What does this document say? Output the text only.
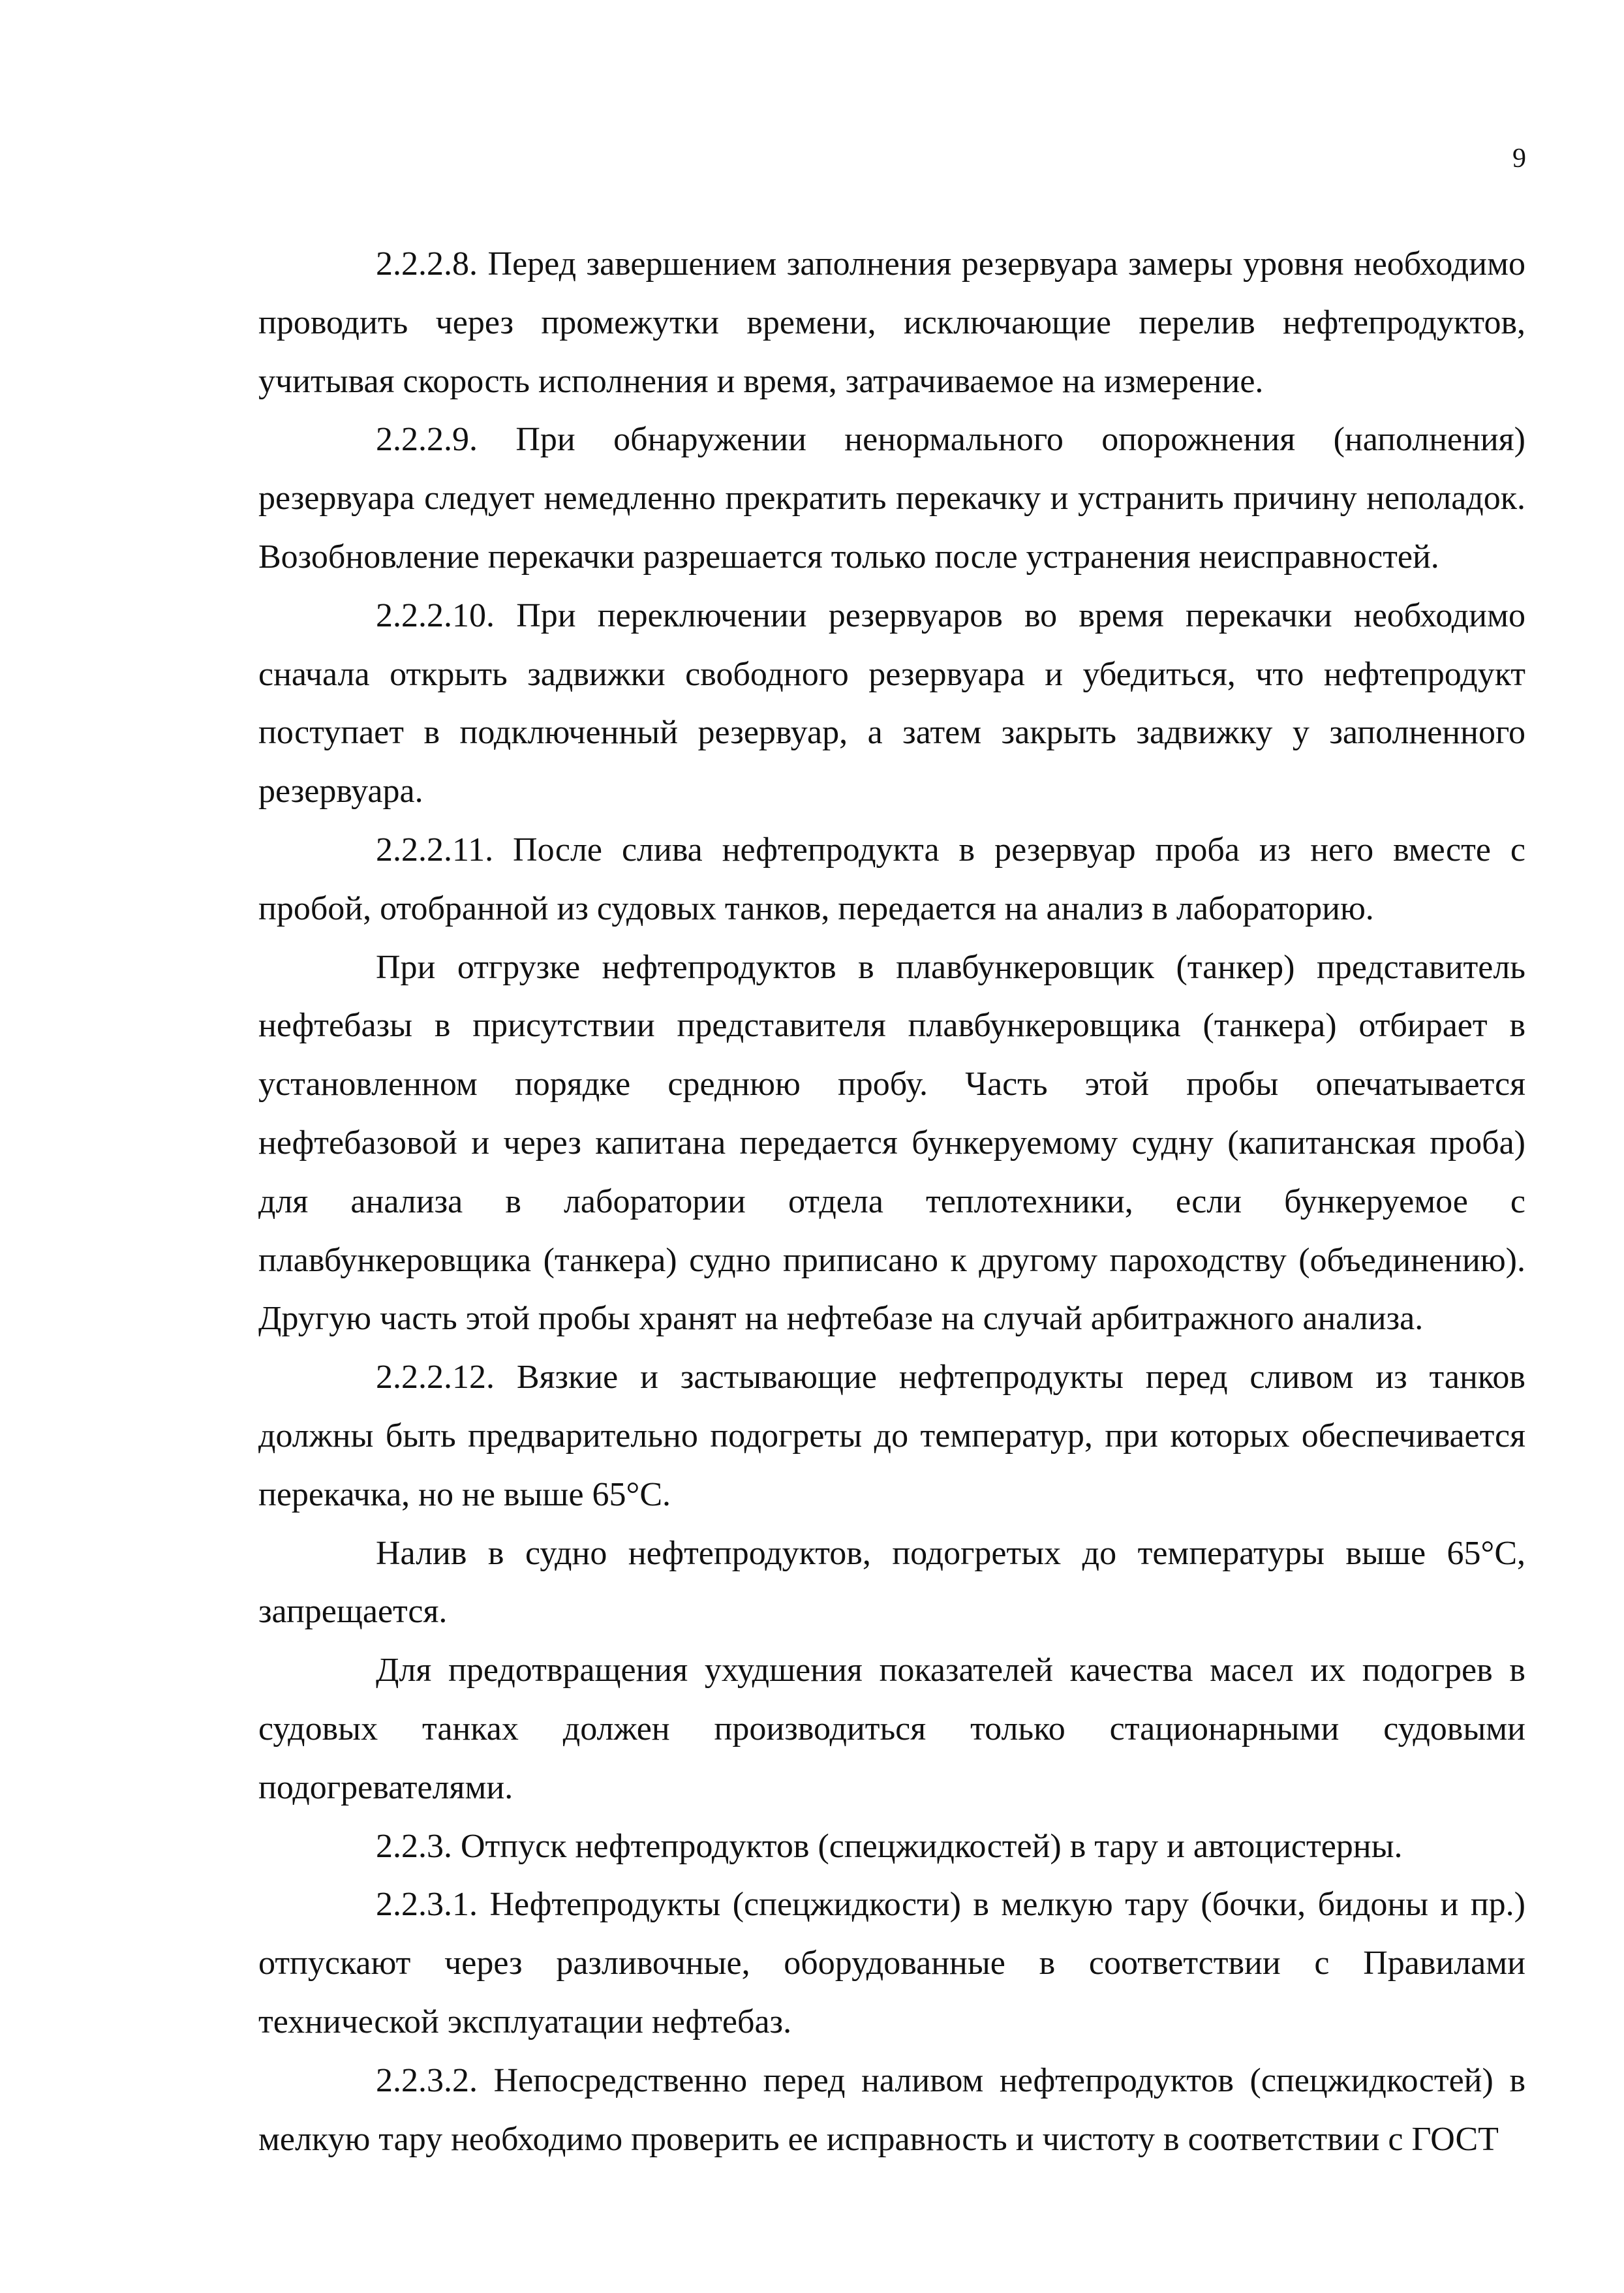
9

2.2.2.8. Перед завершением заполнения резервуара замеры уровня необходимо проводить через промежутки времени, исключающие перелив нефтепродуктов, учитывая скорость исполнения и время, затрачиваемое на измерение.

2.2.2.9. При обнаружении ненормального опорожнения (наполнения) резервуара следует немедленно прекратить перекачку и устранить причину неполадок. Возобновление перекачки разрешается только после устранения неисправностей.

2.2.2.10. При переключении резервуаров во время перекачки необходимо сначала открыть задвижки свободного резервуара и убедиться, что нефтепродукт поступает в подключенный резервуар, а затем закрыть задвижку у заполненного резервуара.

2.2.2.11. После слива нефтепродукта в резервуар проба из него вместе с пробой, отобранной из судовых танков, передается на анализ в лабораторию.

При отгрузке нефтепродуктов в плавбункеровщик (танкер) представитель нефтебазы в присутствии представителя плавбункеровщика (танкера) отбирает в установленном порядке среднюю пробу. Часть этой пробы опечатывается нефтебазовой и через капитана передается бункеруемому судну (капитанская проба) для анализа в лаборатории отдела теплотехники, если бункеруемое с плавбункеровщика (танкера) судно приписано к другому пароходству (объединению). Другую часть этой пробы хранят на нефтебазе на случай арбитражного анализа.

2.2.2.12. Вязкие и застывающие нефтепродукты перед сливом из танков должны быть предварительно подогреты до температур, при которых обеспечивается перекачка, но не выше 65°С.

Налив в судно нефтепродуктов, подогретых до температуры выше 65°С, запрещается.

Для предотвращения ухудшения показателей качества масел их подогрев в судовых танках должен производиться только стационарными судовыми подогревателями.

2.2.3. Отпуск нефтепродуктов (спецжидкостей) в тару и автоцистерны.

2.2.3.1. Нефтепродукты (спецжидкости) в мелкую тару (бочки, бидоны и пр.) отпускают через разливочные, оборудованные в соответствии с Правилами технической эксплуатации нефтебаз.

2.2.3.2. Непосредственно перед наливом нефтепродуктов (спецжидкостей) в мелкую тару необходимо проверить ее исправность и чистоту в соответствии с ГОСТ
